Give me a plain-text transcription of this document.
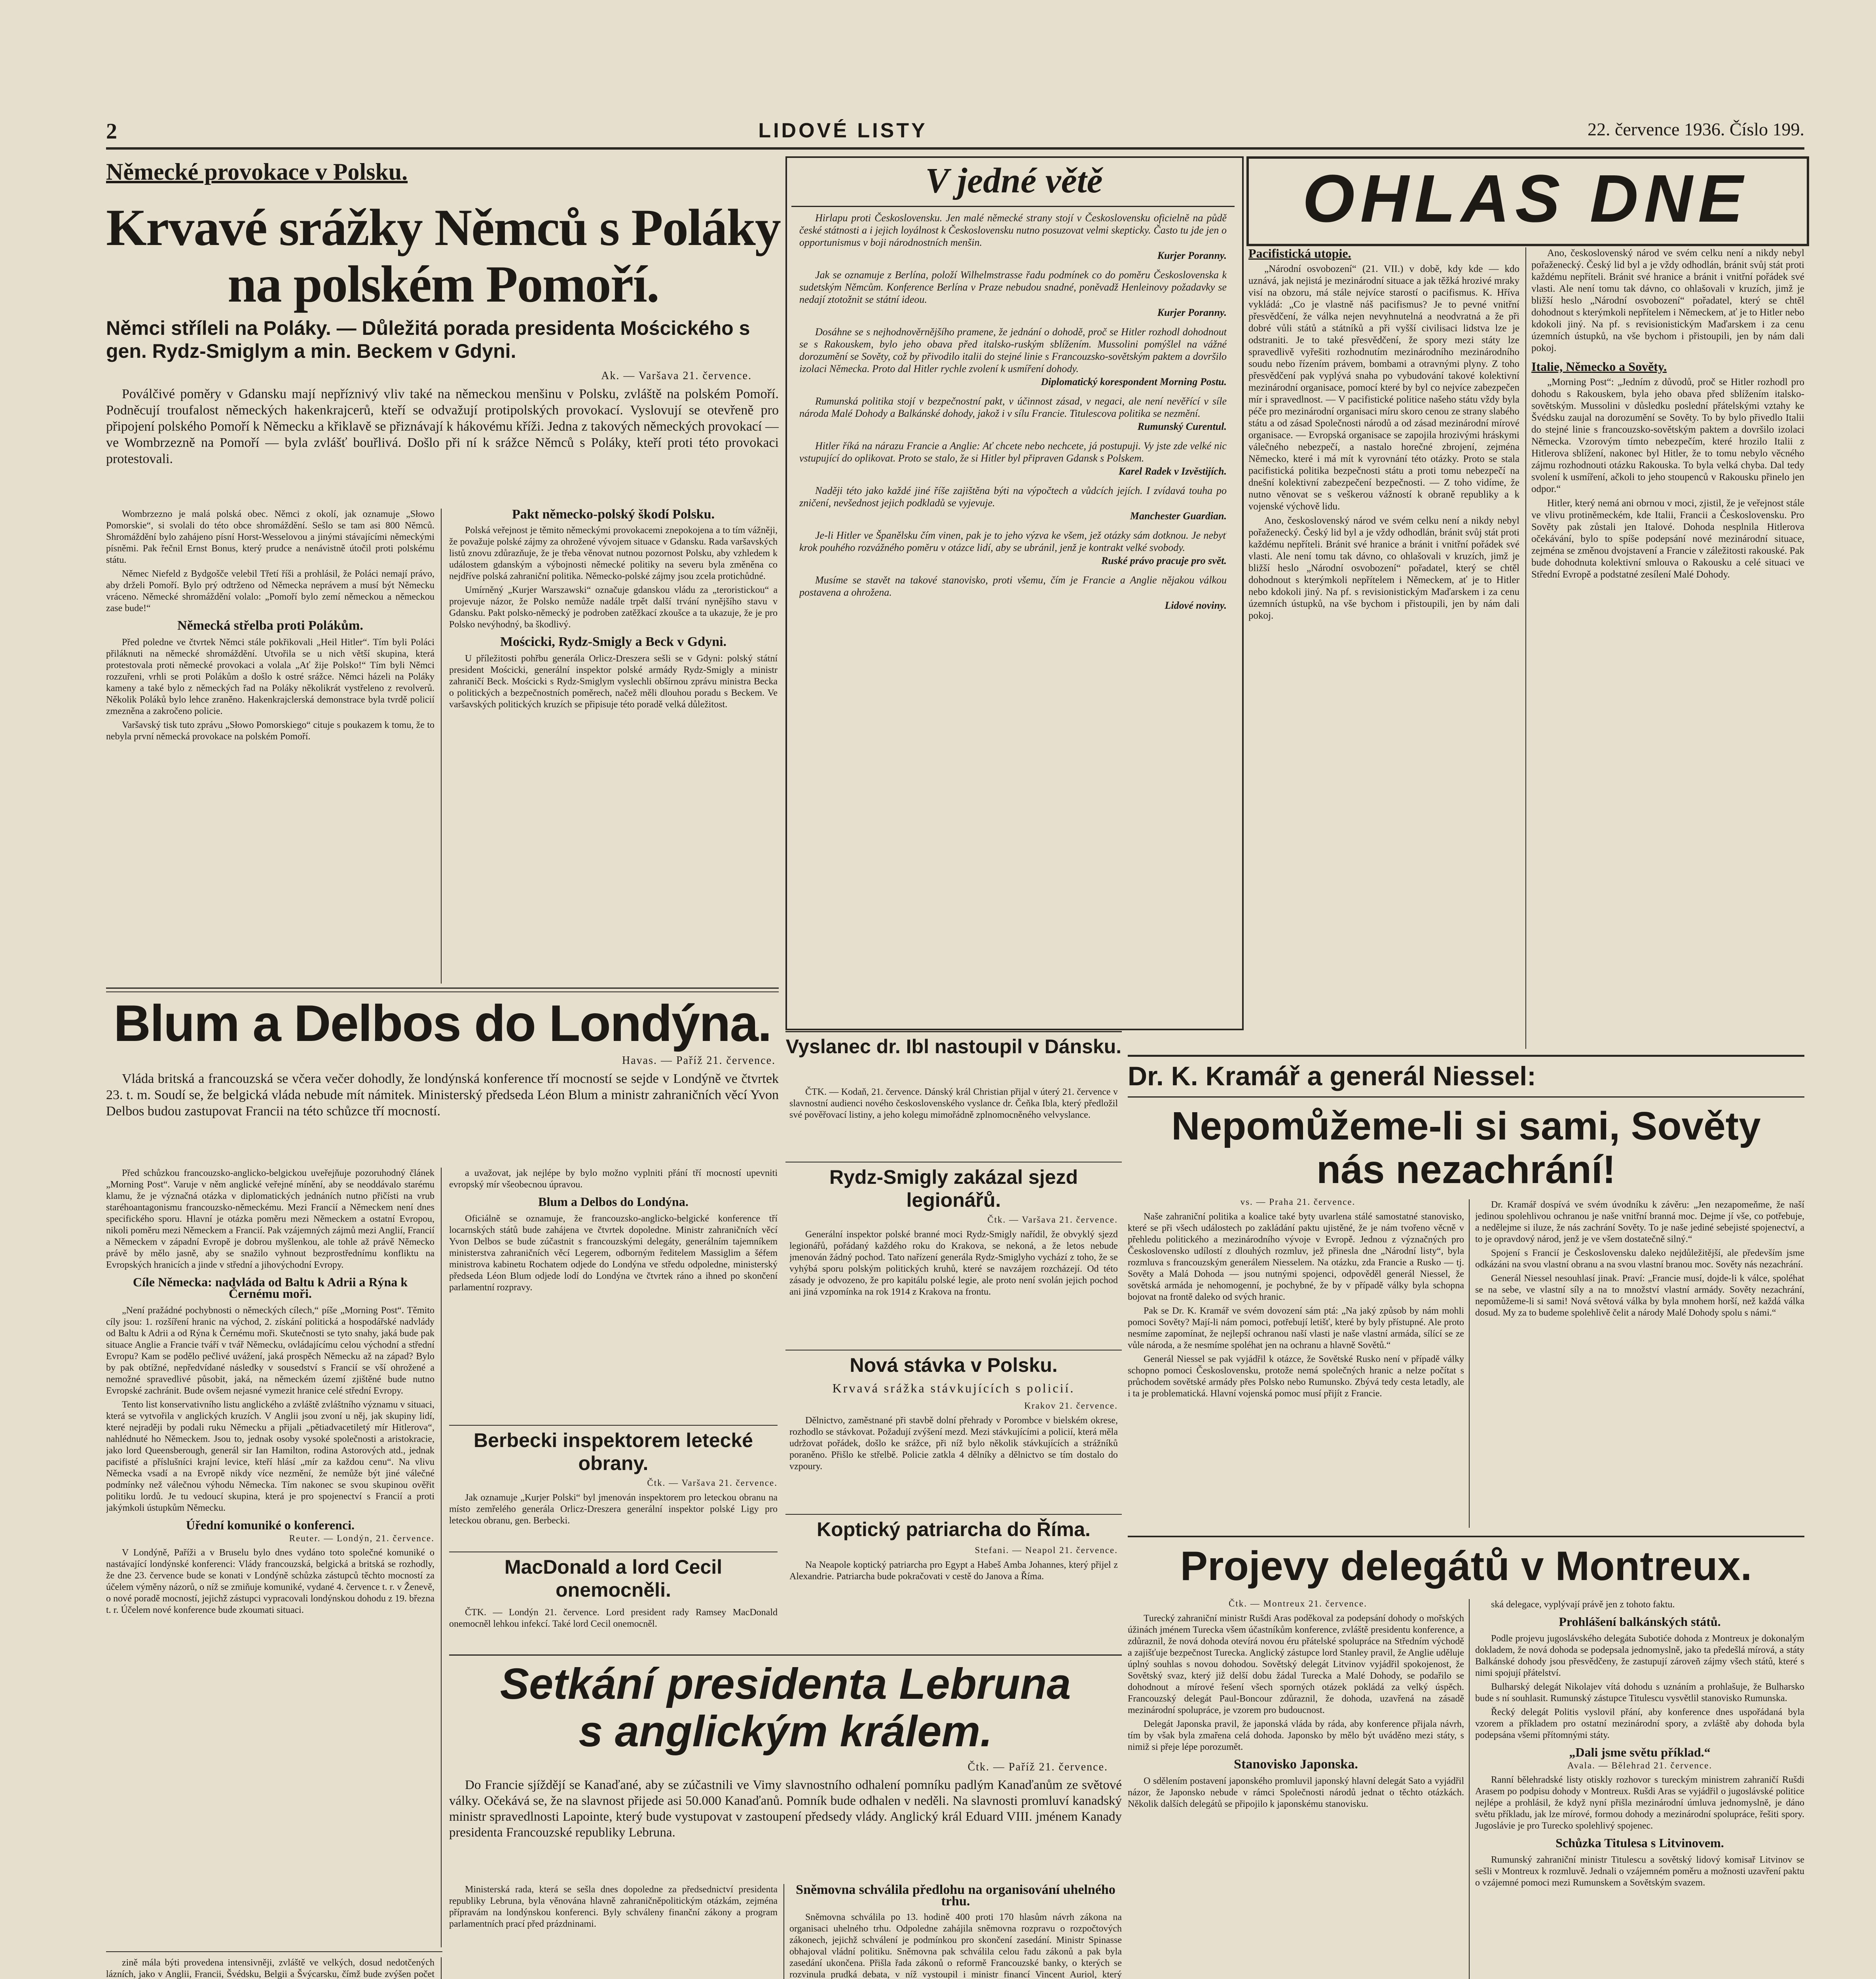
2	LIDOVÉ LISTY	22. července 1936. Číslo 199.
Německé provokace v Polsku.
Krvavé srážky Němců s Poláky
na polském Pomoří.
Němci stříleli na Poláky. — Důležitá porada presidenta Moścického s gen. Rydz-Smiglym a min. Beckem v Gdyni.
Ak. — Varšava 21. července.

Poválčivé poměry v Gdansku mají nepříznivý vliv také na německou menšinu v Polsku, zvláště na polském Pomoří. Podněcují troufalost německých hakenkrajcerů, kteří se odvažují protipolských provokací. Vyslovují se otevřeně pro připojení polského Pomoří k Německu a křiklavě se přiznávají k hákovému kříži. Jedna z takových německých provokací — ve Wombrzezně na Pomoří — byla zvlášť bouřlivá. Došlo při ní k srážce Němců s Poláky, kteří proti této provokaci protestovali.

Wombrzezno je malá polská obec. Němci z okolí, jak oznamuje „Słowo Pomorskie“, si svolali do této obce shromáždění. Sešlo se tam asi 800 Němců. Shromáždění bylo zahájeno písní Horst-Wesselovou a jinými stávajícími německými písněmi. Pak řečnil Ernst Bonus, který prudce a nenávistně útočil proti polskému státu.

Němec Niefeld z Bydgošče velebil Třetí říši a prohlásil, že Poláci nemají právo, aby drželi Pomoří. Bylo prý odtrženo od Německa neprávem a musí být Německu vráceno. Německé shromáždění volalo: „Pomoří bylo zemí německou a německou zase bude!“

Německá střelba proti Polákům.

Před poledne ve čtvrtek Němci stále pokřikovali „Heil Hitler“. Tím byli Poláci přiláknuti na německé shromáždění. Utvořila se u nich větší skupina, která protestovala proti německé provokaci a volala „Ať žije Polsko!“ Tím byli Němci rozzuřeni, vrhli se proti Polákům a došlo k ostré srážce. Němci házeli na Poláky kameny a také bylo z německých řad na Poláky několikrát vystřeleno z revolverů. Několik Poláků bylo lehce zraněno. Hakenkrajclerská demonstrace byla tvrdě policií zmezněna a zakročeno policie.

Varšavský tisk tuto zprávu „Słowo Pomorskiego“ cituje s poukazem k tomu, že to nebyla první německá provokace na polském Pomoří.

Pakt německo-polský škodí Polsku.

Polská veřejnost je těmito německými provokacemi znepokojena a to tím vážněji, že považuje polské zájmy za ohrožené vývojem situace v Gdansku. Rada varšavských listů znovu zdůrazňuje, že je třeba věnovat nutnou pozornost Polsku, aby vzhledem k událostem gdanským a výbojnosti německé politiky na severu byla změněna co nejdříve polská zahraniční politika. Německo-polské zájmy jsou zcela protichůdné.

Umírněný „Kurjer Warszawski“ označuje gdanskou vládu za „teroristickou“ a projevuje názor, že Polsko nemůže nadále trpět další trvání nynějšího stavu v Gdansku. Pakt polsko-německý je podroben zatěžkací zkoušce a ta ukazuje, že je pro Polsko nevýhodný, ba škodlivý.

Mościcki, Rydz-Smigly a Beck v Gdyni.

U příležitosti pohřbu generála Orlicz-Dreszera sešli se v Gdyni: polský státní president Mościcki, generální inspektor polské armády Rydz-Smigly a ministr zahraničí Beck. Mościcki s Rydz-Smiglym vyslechli obšírnou zprávu ministra Becka o politických a bezpečnostních poměrech, načež měli dlouhou poradu s Beckem. Ve varšavských politických kruzích se připisuje této poradě velká důležitost.

V jedné větě
Hirlapu proti Československu. Jen malé německé strany stojí v Československu oficielně na půdě české státnosti a i jejich loyálnost k Československu nutno posuzovat velmi skepticky. Často tu jde jen o opportunismus v boji národnostních menšin.
Kurjer Poranny.
Jak se oznamuje z Berlína, položí Wilhelmstrasse řadu podmínek co do poměru Československa k sudetským Němcům. Konference Berlína v Praze nebudou snadné, poněvadž Henleinovy požadavky se nedají ztotožnit se státní ideou.
Kurjer Poranny.
Dosáhne se s nejhodnověrnějšího pramene, že jednání o dohodě, proč se Hitler rozhodl dohodnout se s Rakouskem, bylo jeho obava před italsko-ruským sblížením. Mussolini pomýšlel na vážné dorozumění se Sověty, což by přivodilo italii do stejné linie s Francouzsko-sovětským paktem a dovršilo izolaci Německa. Proto dal Hitler rychle zvolení k usmíření dohody.
Diplomatický korespondent Morning Postu.
Rumunská politika stojí v bezpečnostní pakt, v účinnost zásad, v negaci, ale není nevěřící v síle národa Malé Dohody a Balkánské dohody, jakož i v sílu Francie. Titulescova politika se nezmění.
Rumunský Curentul.
Hitler říká na nárazu Francie a Anglie: Ať chcete nebo nechcete, já postupuji. Vy jste zde velké nic vstupující do oplikovat. Proto se stalo, že si Hitler byl připraven Gdansk s Polskem.
Karel Radek v Izvěstijích.
Naději této jako každé jiné říše zajištěna býti na výpočtech a vůdcích jejích. I zvídavá touha po zničení, nevšednost jejich podkladů se vyjevuje.
Manchester Guardian.
Je-li Hitler ve Španělsku čím vinen, pak je to jeho výzva ke všem, jež otázky sám dotknou. Je nebyť krok pouhého rozvážného poměru v otázce lidí, aby se ubránil, jenž je kontrakt velké svobody.
Ruské právo pracuje pro svět.
Musíme se stavět na takové stanovisko, proti všemu, čím je Francie a Anglie nějakou válkou postavena a ohrožena.
Lidové noviny.
OHLAS DNE
Pacifistická utopie.

„Národní osvobození“ (21. VII.) v době, kdy kde — kdo uznává, jak nejistá je mezinárodní situace a jak těžká hrozivé mraky visí na obzoru, má stále nejvíce starostí o pacifismus. K. Hříva vykládá: „Co je vlastně náš pacifismus? Je to pevné vnitřní přesvědčení, že válka nejen nevyhnutelná a neodvratná a že při dobré vůli států a státníků a při vyšší civilisaci lidstva lze je odstraniti. Je to také přesvědčení, že spory mezi státy lze spravedlivě vyřešiti rozhodnutím mezinárodního mezinárodního soudu nebo řízením právem, bombami a otravnými plyny. Z toho přesvědčení pak vyplývá snaha po vybudování takové kolektivní mezinárodní organisace, pomocí které by byl co nejvíce zabezpečen mír i spravedlnost. — V pacifistické politice našeho státu vždy byla péče pro mezinárodní organisaci míru skoro cenou ze strany slabého státu a od zásad Společnosti národů a od zásad mezinárodní mírové organisace. — Evropská organisace se zapojila hrozivými hráskymi válečného nebezpečí, a nastalo horečné zbrojení, zejména Německo, které i má mít k vyrovnání této otázky. Proto se stala pacifistická politika bezpečnosti státu a proti tomu nebezpečí na dnešní kolektivní zabezpečení bezpečnosti. — Z toho vidíme, že nutno věnovat se s veškerou vážností k obraně republiky a k vojenské výchově lidu.

Ano, československý národ ve svém celku není a nikdy nebyl pořaženecký. Český lid byl a je vždy odhodlán, bránit svůj stát proti každému nepříteli. Bránit své hranice a bránit i vnitřní pořádek své vlasti. Ale není tomu tak dávno, co ohlašovali v kruzích, jimž je bližší heslo „Národní osvobození“ pořadatel, který se chtěl dohodnout s kterýmkoli nepřítelem i Německem, ať je to Hitler nebo kdokoli jiný. Na pf. s revisionistickým Maďarskem i za cenu územních ústupků, na vše bychom i přistoupili, jen by nám dali pokoj.

Ano, československý národ ve svém celku není a nikdy nebyl pořaženecký. Český lid byl a je vždy odhodlán, bránit svůj stát proti každému nepříteli. Bránit své hranice a bránit i vnitřní pořádek své vlasti. Ale není tomu tak dávno, co ohlašovali v kruzích, jimž je bližší heslo „Národní osvobození“ pořadatel, který se chtěl dohodnout s kterýmkoli nepřítelem i Německem, ať je to Hitler nebo kdokoli jiný. Na pf. s revisionistickým Maďarskem i za cenu územních ústupků, na vše bychom i přistoupili, jen by nám dali pokoj.

Italie, Německo a Sověty.

„Morning Post“: „Jedním z důvodů, proč se Hitler rozhodl pro dohodu s Rakouskem, byla jeho obava před sblížením italsko-sovětským. Mussolini v důsledku poslední přátelskými vztahy ke Švédsku zaujal na dorozumění se Sověty. To by bylo přivedlo Italii do stejné linie s francouzsko-sovětským paktem a dovršilo izolaci Německa. Vzorovým tímto nebezpečím, které hrozilo Italii z Hitlerova sblížení, nakonec byl Hitler, že to tomu nebylo věcného zájmu rozhodnouti otázku Rakouska. To byla velká chyba. Dal tedy svolení k usmíření, ačkoli to jeho stoupenců v Rakousku přinelo jen odpor.“

Hitler, který nemá ani obrnou v moci, zjistil, že je veřejnost stále ve vlivu protiněmeckém, kde Italii, Francii a Československu. Pro Sověty pak zůstali jen Italové. Dohoda nesplnila Hitlerova očekávání, bylo to spíše podepsání nové mezinárodní situace, zejména se změnou dvojstavení a Francie v záležitosti rakouské. Pak bude dohodnuta kolektivní smlouva o Rakousku a celé situaci ve Střední Evropě a podstatné zesílení Malé Dohody.

Dr. K. Kramář a generál Niessel:
Nepomůžeme-li si sami, Sověty
nás nezachrání!
vs. — Praha 21. července.

Naše zahraniční politika a koalice také byty uvarlena stálé samostatné stanovisko, které se při všech událostech po zakládání paktu ujistěné, že je nám tvořeno věcně v přehledu politického a mezinárodního vývoje v Evropě. Jednou z význačných pro Československo udílostí z dlouhých rozmluv, jež přinesla dne „Národní listy“, byla rozmluva s francouzským generálem Niesselem. Na otázku, zda Francie a Rusko — tj. Sověty a Malá Dohoda — jsou nutnými spojenci, odpověděl generál Niessel, že sovětská armáda je nehomogenní, je pochybné, že by v případě války byla schopna bojovat na frontě daleko od svých hranic.

Pak se Dr. K. Kramář ve svém dovození sám ptá: „Na jaký způsob by nám mohli pomoci Sověty? Mají-li nám pomoci, potřebují letišť, které by byly přístupné. Ale proto nesmíme zapomínat, že nejlepší ochranou naší vlasti je naše vlastní armáda, sílící se ze vůle národa, a že nesmíme spoléhat jen na ochranu a hlavně Sovětů.“

Generál Niessel se pak vyjádřil k otázce, že Sovětské Rusko není v případě války schopno pomoci Československu, protože nemá společných hranic a nelze počítat s průchodem sovětské armády přes Polsko nebo Rumunsko. Zbývá tedy cesta letadly, ale i ta je problematická. Hlavní vojenská pomoc musí přijít z Francie.

Dr. Kramář dospívá ve svém úvodníku k závěru: „Jen nezapomeňme, že naší jedinou spolehlivou ochranou je naše vnitřní branná moc. Dejme jí vše, co potřebuje, a nedělejme si iluze, že nás zachrání Sověty. To je naše jediné sebejisté spojenectví, a to je opravdový národ, jenž je ve všem dostatečně silný.“

Spojení s Francií je Československu daleko nejdůležitější, ale především jsme odkázáni na svou vlastní obranu a na svou vlastní branou moc. Sověty nás nezachrání.

Generál Niessel nesouhlasí jinak. Praví: „Francie musí, dojde-li k válce, spoléhat se na sebe, ve vlastní síly a na to množství vlastní armády. Sověty nezachrání, nepomůžeme-li si sami! Nová světová válka by byla mnohem horší, než každá válka dosud. My za to budeme spolehlivě čelit a národy Malé Dohody spolu s námi.“

Blum a Delbos do Londýna.
Havas. — Paříž 21. července.

Vláda britská a francouzská se včera večer dohodly, že londýnská konference tří mocností se sejde v Londýně ve čtvrtek 23. t. m. Soudí se, že belgická vláda nebude mít námitek. Ministerský předseda Léon Blum a ministr zahraničních věcí Yvon Delbos budou zastupovat Francii na této schůzce tří mocností.

Před schůzkou francouzsko-anglicko-belgickou uveřejňuje pozoruhodný článek „Morning Post“. Varuje v něm anglické veřejné mínění, aby se neoddávalo starému klamu, že je význačná otázka v diplomatických jednáních nutno přičísti na vrub staréhoantagonismu francouzsko-německému. Mezi Francií a Německem není dnes specifického sporu. Hlavní je otázka poměru mezi Německem a ostatní Evropou, nikoli poměru mezi Německem a Francií. Pak vzájemných zájmů mezi Anglií, Francií a Německem v západní Evropě je dobrou myšlenkou, ale tohle až právě Německo právě by mělo jasně, aby se snažilo vyhnout bezprostřednímu konfliktu na Evropských hranicích a jinde v střední a jihovýchodní Evropy.

Cíle Německa: nadvláda od Baltu k Adrii a Rýna k Černému moři.

„Není pražádné pochybnosti o německých cílech,“ píše „Morning Post“. Těmito cíly jsou: 1. rozšíření hranic na východ, 2. získání politická a hospodářské nadvlády od Baltu k Adrii a od Rýna k Černému moři. Skutečnosti se tyto snahy, jaká bude pak situace Anglie a Francie tváří v tvář Německu, ovládajícímu celou východní a střední Evropu? Kam se podělo pečlivé uvážení, jaká prospěch Německu až na západ? Bylo by pak obtížné, nepředvídané následky v sousedství s Francií se vší ohrožené a nemožné spravedlivé působit, jaká, na německém území zjištěné bude nutno Evropské zachránit. Bude ovšem nejasné vymezit hranice celé střední Evropy.

Tento list konservativního listu anglického a zvláště zvláštního významu v situaci, která se vytvořila v anglických kruzích. V Anglii jsou zvoní u něj, jak skupiny lidí, které nejraději by podali ruku Německu a přijali „pětiadvacetiletý mír Hitlerova“, nahlédnuté ho Německem. Jsou to, jednak osoby vysoké společnosti a aristokracie, jako lord Queensberough, generál sir Ian Hamilton, rodina Astorových atd., jednak pacifisté a příslušníci krajní levice, kteří hlásí „mír za každou cenu“. Na vlivu Německa vsadí a na Evropě nikdy více nezmění, že nemůže být jiné válečné podmínky než válečnou výhodu Německa. Tím nakonec se svou skupinou ověřit politiku lordů. Je tu vedoucí skupina, která je pro spojenectví s Francií a proti jakýmkoli ústupkům Německu.

Úřední komuniké o konferenci.
Reuter. — Londýn, 21. července.

V Londýně, Paříži a v Bruselu bylo dnes vydáno toto společné komuniké o nastávající londýnské konferenci: Vlády francouzská, belgická a britská se rozhodly, že dne 23. července bude se konati v Londýně schůzka zástupců těchto mocností za účelem výměny názorů, o níž se zmiňuje komuniké, vydané 4. července t. r. v Ženevě, o nové poradě mocností, jejichž zástupci vypracovali londýnskou dohodu z 19. března t. r. Účelem nové konference bude zkoumati situaci.

a uvažovat, jak nejlépe by bylo možno vyplniti přání tří mocností upevniti evropský mír všeobecnou úpravou.

Blum a Delbos do Londýna.

Oficiálně se oznamuje, že francouzsko-anglicko-belgické konference tří locarnských států bude zahájena ve čtvrtek dopoledne. Ministr zahraničních věcí Yvon Delbos se bude zúčastnit s francouzskými delegáty, generálním tajemníkem ministerstva zahraničních věcí Legerem, odborným ředitelem Massiglim a šéfem ministrova kabinetu Rochatem odjede do Londýna ve středu odpoledne, ministerský předseda Léon Blum odjede lodí do Londýna ve čtvrtek ráno a ihned po skončení parlamentní rozpravy.

Berbecki inspektorem letecké obrany.
Čtk. — Varšava 21. července.

Jak oznamuje „Kurjer Polski“ byl jmenován inspektorem pro leteckou obranu na místo zemřelého generála Orlicz-Dreszera generální inspektor polské Ligy pro leteckou obranu, gen. Berbecki.

MacDonald a lord Cecil onemocněli.

ČTK. — Londýn 21. července. Lord president rady Ramsey MacDonald onemocněl lehkou infekcí. Také lord Cecil onemocněl.

Vyslanec dr. Ibl nastoupil v Dánsku.

ČTK. — Kodaň, 21. července. Dánský král Christian přijal v úterý 21. července v slavnostní audienci nového československého vyslance dr. Čeňka Ibla, který předložil své pověřovací listiny, a jeho kolegu mimořádně zplnomocněného velvyslance.

Rydz-Smigly zakázal sjezd legionářů.
Čtk. — Varšava 21. července.

Generální inspektor polské branné moci Rydz-Smigly nařídil, že obvyklý sjezd legionářů, pořádaný každého roku do Krakova, se nekoná, a že letos nebude jmenován žádný pochod. Tato nařízení generála Rydz-Smiglyho vychází z toho, že se vyhýbá sporu polským politických kruhů, které se navzájem rozcházejí. Od této zásady je odvozeno, že pro kapitálu polské legie, ale proto není svolán jejich pochod ani jiná vzpomínka na rok 1914 z Krakova na frontu.

Nová stávka v Polsku.
Krvavá srážka stávkujících s policií.
Krakov 21. července.

Dělnictvo, zaměstnané při stavbě dolní přehrady v Porombce v bielském okrese, rozhodlo se stávkovat. Požadují zvýšení mezd. Mezi stávkujícími a policií, která měla udržovat pořádek, došlo ke srážce, při níž bylo několik stávkujících a strážníků poraněno. Přišlo ke střelbě. Policie zatkla 4 dělníky a dělnictvo se tím dostalo do vzpoury.

Koptický patriarcha do Říma.
Stefani. — Neapol 21. července.

Na Neapole koptický patriarcha pro Egypt a Habeš Amba Johannes, který přijel z Alexandrie. Patriarcha bude pokračovati v cestě do Janova a Říma.

Setkání presidenta Lebruna
s anglickým králem.
Čtk. — Paříž 21. července.

Do Francie sjíždějí se Kanaďané, aby se zúčastnili ve Vimy slavnostního odhalení pomníku padlým Kanaďanům ze světové války. Očekává se, že na slavnost přijede asi 50.000 Kanaďanů. Pomník bude odhalen v neděli. Na slavnosti promluví kanadský ministr spravedlnosti Lapointe, který bude vystupovat v zastoupení předsedy vlády. Anglický král Eduard VIII. jménem Kanady presidenta Francouzské republiky Lebruna.

Ministerská rada, která se sešla dnes dopoledne za předsednictví presidenta republiky Lebruna, byla věnována hlavně zahraničněpolitickým otázkám, zejména přípravám na londýnskou konferenci. Byly schváleny finanční zákony a program parlamentních prací před prázdninami.

Sněmovna schválila předlohu na organisování uhelného trhu.

Sněmovna schválila po 13. hodině 400 proti 170 hlasům návrh zákona na organisaci uhelného trhu. Odpoledne zahájila sněmovna rozpravu o rozpočtových zákonech, jejichž schválení je podmínkou pro skončení zasedání. Ministr Spinasse obhajoval vládní politiku. Sněmovna pak schválila celou řadu zákonů a pak byla zasedání ukončena. Přišla řada zákonů o reformě Francouzské banky, o kterých se rozvinula prudká debata, v níž vystoupil i ministr financí Vincent Auriol, který

zině mála býti provedena intensivněji, zvláště ve velkých, dosud nedotčených lázních, jako v Anglii, Francii, Švédsku, Belgii a Švýcarsku, čímž bude zvýšen počet

Projevy delegátů v Montreux.
Čtk. — Montreux 21. července.

Turecký zahraniční ministr Rušdi Aras poděkoval za podepsání dohody o mořských úžinách jménem Turecka všem účastníkům konference, zvláště presidentu konference, a zdůraznil, že nová dohoda otevírá novou éru přátelské spolupráce na Středním východě a zajišťuje bezpečnost Turecka. Anglický zástupce lord Stanley pravil, že Anglie uděluje úplný souhlas s novou dohodou. Sovětský delegát Litvinov vyjádřil spokojenost, že Sovětský svaz, který již delší dobu žádal Turecka a Malé Dohody, se podařilo se dohodnout a mírové řešení všech sporných otázek pokládá za velký úspěch. Francouzský delegát Paul-Boncour zdůraznil, že dohoda, uzavřená na zásadě mezinárodní spolupráce, je vzorem pro budoucnost.

Delegát Japonska pravil, že japonská vláda by ráda, aby konference přijala návrh, tím by však byla zmařena celá dohoda. Japonsko by mělo být uváděno mezi státy, s nimiž si přeje lépe porozumět.

Stanovisko Japonska.

O sdělením postavení japonského promluvil japonský hlavní delegát Sato a vyjádřil názor, že Japonsko nebude v rámci Společnosti národů jednat o těchto otázkách. Několik dalších delegátů se připojilo k japonskému stanovisku.

ská delegace, vyplývají právě jen z tohoto faktu.

Prohlášení balkánských států.

Podle projevu jugoslávského delegáta Subotiće dohoda z Montreux je dokonalým dokladem, že nová dohoda se podepsala jednomyslně, jako ta předešlá mírová, a státy Balkánské dohody jsou přesvědčeny, že zastupují zároveň zájmy všech států, které s nimi spojují přátelství.

Bulharský delegát Nikolajev vítá dohodu s uznáním a prohlašuje, že Bulharsko bude s ní souhlasit. Rumunský zástupce Titulescu vysvětlil stanovisko Rumunska.

Řecký delegát Politis vyslovil přání, aby konference dnes uspořádaná byla vzorem a příkladem pro ostatní mezinárodní spory, a zvláště aby dohoda byla podepsána všemi přítomnými státy.

„Dali jsme světu příklad.“
Avala. — Bělehrad 21. července.

Ranní bělehradské listy otiskly rozhovor s tureckým ministrem zahraničí Rušdi Arasem po podpisu dohody v Montreux. Rušdi Aras se vyjádřil o jugoslávské politice nejlépe a prohlásil, že když nyní přišla mezinárodní úmluva jednomyslně, je dáno světu příkladu, jak lze mírové, formou dohody a mezinárodní spolupráce, řešiti spory. Jugoslávie je pro Turecko spolehlivý spojenec.

Schůzka Titulesa s Litvinovem.

Rumunský zahraniční ministr Titulescu a sovětský lidový komisař Litvinov se sešli v Montreux k rozmluvě. Jednali o vzájemném poměru a možnosti uzavření paktu o vzájemné pomoci mezi Rumunskem a Sovětským svazem.
